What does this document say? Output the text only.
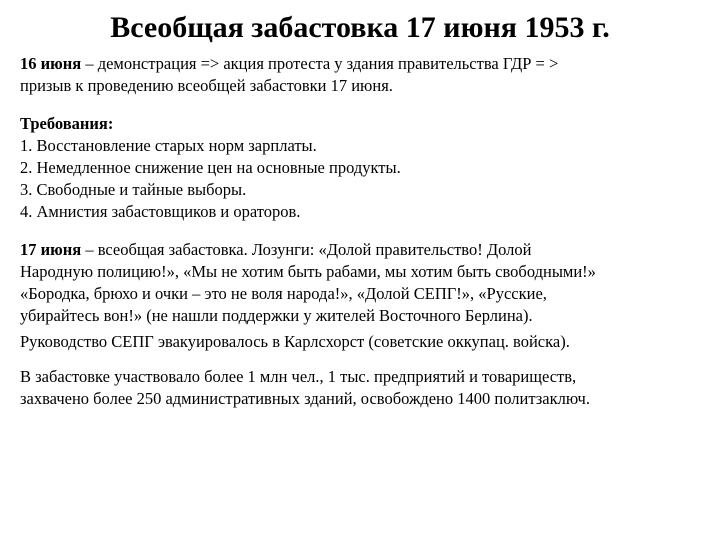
Всеобщая забастовка 17 июня 1953 г.
16 июня – демонстрация => акция протеста у здания правительства ГДР = >
призыв к проведению всеобщей забастовки 17 июня.
Требования:
1. Восстановление старых норм зарплаты.
2. Немедленное снижение цен на основные продукты.
3. Свободные и тайные выборы.
4. Амнистия забастовщиков и ораторов.
17 июня – всеобщая забастовка. Лозунги: «Долой правительство! Долой
Народную полицию!», «Мы не хотим быть рабами, мы хотим быть свободными!»
«Бородка, брюхо и очки – это не воля народа!», «Долой СЕПГ!», «Русские,
убирайтесь вон!» (не нашли поддержки у жителей Восточного Берлина).
Руководство СЕПГ эвакуировалось в Карлсхорст (советские оккупац. войска).
В забастовке участвовало более 1 млн чел., 1 тыс. предприятий и товариществ,
захвачено более 250 административных зданий, освобождено 1400 политзаключ.
